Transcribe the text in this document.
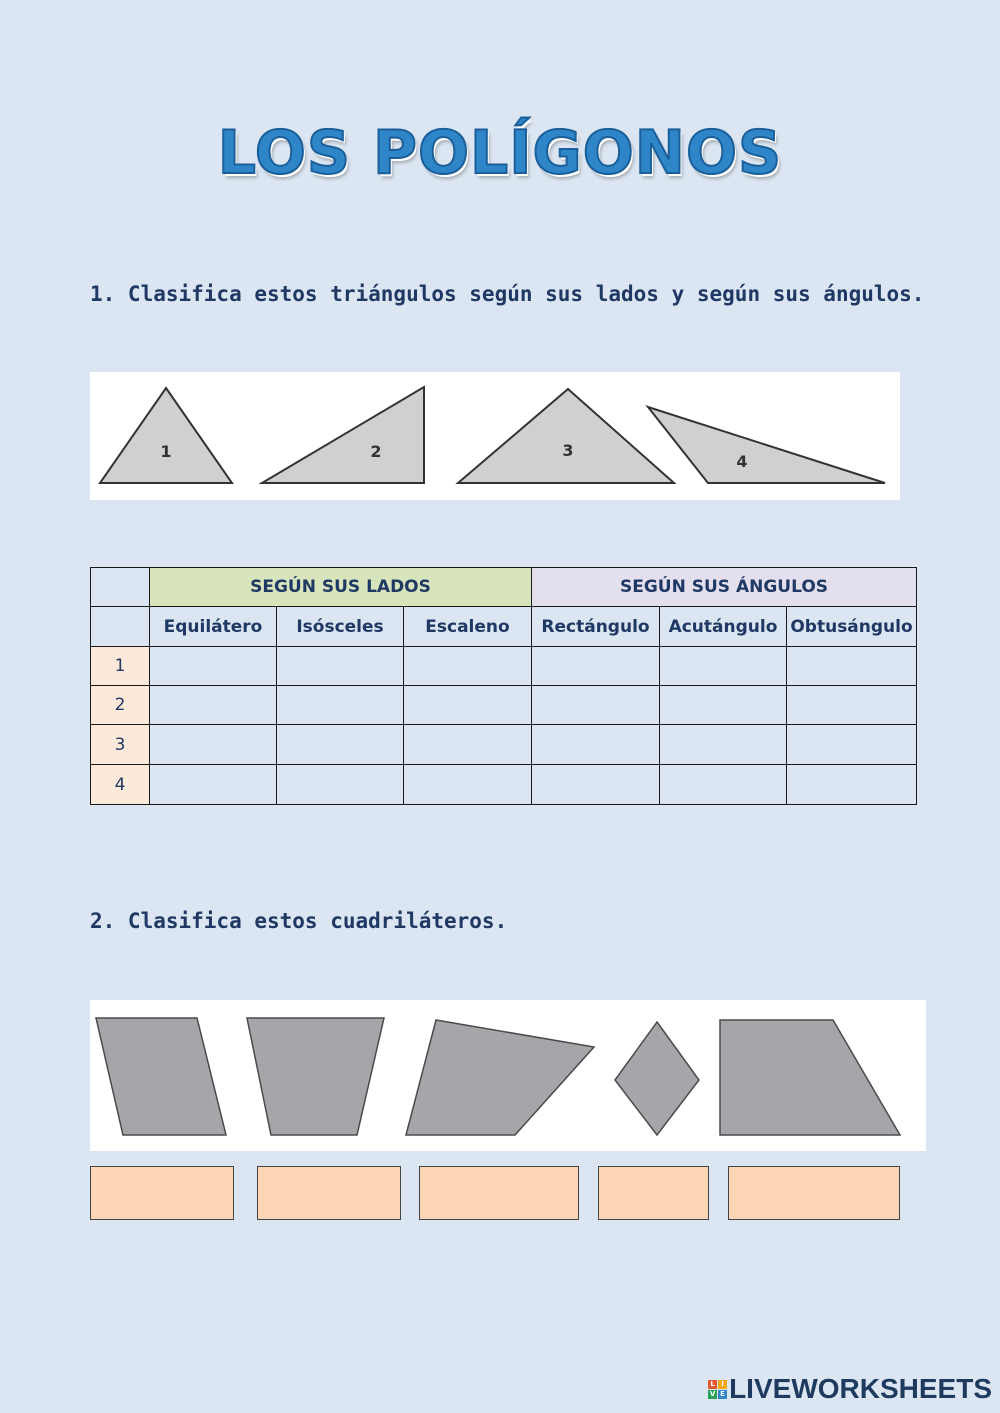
LOS POLÍGONOS
1. Clasifica estos triángulos según sus lados y según sus ángulos.
1	2	3
4
	SEGÚN SUS LADOS			SEGÚN SUS ÁNGULOS		
	Equilátero	Isósceles	Escaleno	Rectángulo	Acutángulo	Obtusángulo
1						
2						
3						
4						
2. Clasifica estos cuadriláteros.
L I
V E LIVEWORKSHEETS
